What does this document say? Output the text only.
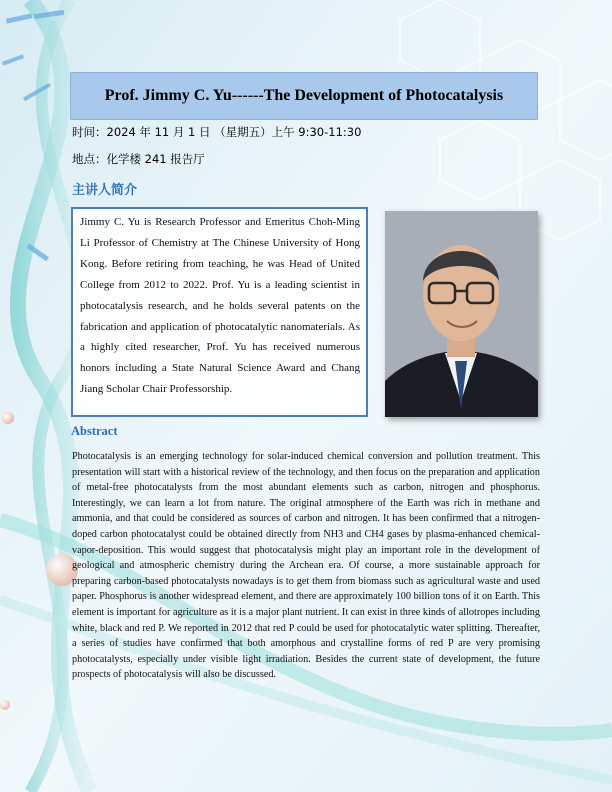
Prof. Jimmy C. Yu------The Development of Photocatalysis
时间：2024 年 11 月 1 日 （星期五）上午 9:30-11:30
地点：化学楼 241 报告厅
主讲人简介

Jimmy C. Yu is Research Professor and Emeritus Choh-Ming Li Professor of Chemistry at The Chinese University of Hong Kong. Before retiring from teaching, he was Head of United College from 2012 to 2022. Prof. Yu is a leading scientist in photocatalysis research, and he holds several patents on the fabrication and application of photocatalytic nanomaterials. As a highly cited researcher, Prof. Yu has received numerous honors including a State Natural Science Award and Chang Jiang Scholar Chair Professorship.

Abstract

Photocatalysis is an emerging technology for solar-induced chemical conversion and pollution treatment. This presentation will start with a historical review of the technology, and then focus on the preparation and application of metal-free photocatalysts from the most abundant elements such as carbon, nitrogen and phosphorus. Interestingly, we can learn a lot from nature. The original atmosphere of the Earth was rich in methane and ammonia, and that could be considered as sources of carbon and nitrogen. It has been confirmed that a nitrogen-doped carbon photocatalyst could be obtained directly from NH3 and CH4 gases by plasma-enhanced chemical-vapor-deposition. This would suggest that photocatalysis might play an important role in the development of geological and atmospheric chemistry during the Archean era. Of course, a more sustainable approach for preparing carbon-based photocatalysts nowadays is to get them from biomass such as agricultural waste and used paper. Phosphorus is another widespread element, and there are approximately 100 billion tons of it on Earth. This element is important for agriculture as it is a major plant nutrient. It can exist in three kinds of allotropes including white, black and red P. We reported in 2012 that red P could be used for photocatalytic water splitting. Thereafter, a series of studies have confirmed that both amorphous and crystalline forms of red P are very promising photocatalysts, especially under visible light irradiation. Besides the current state of development, the future prospects of photocatalysis will also be discussed.
